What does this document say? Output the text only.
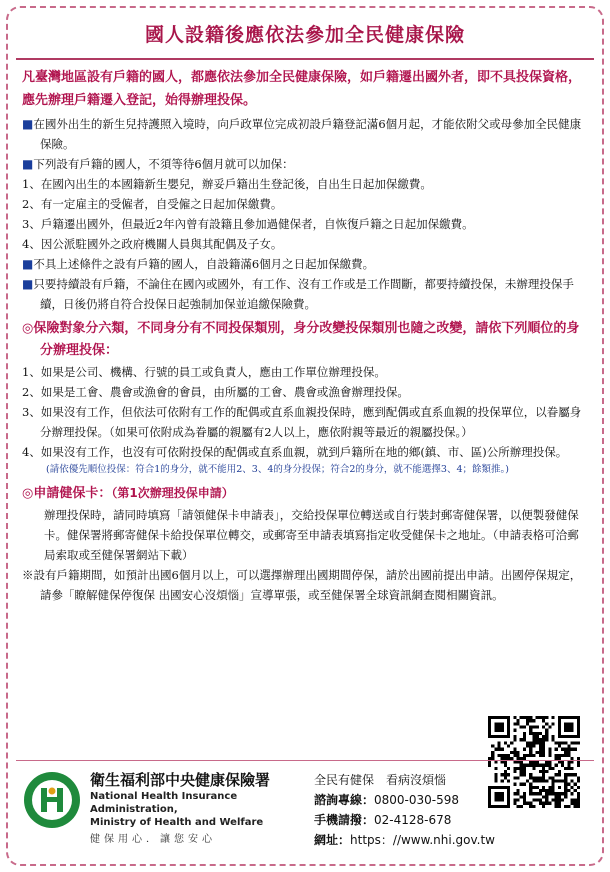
國人設籍後應依法參加全民健康保險

凡臺灣地區設有戶籍的國人，都應依法參加全民健康保險，如戶籍遷出國外者，即不具投保資格，應先辦理戶籍遷入登記，始得辦理投保。

■在國外出生的新生兒持護照入境時，向戶政單位完成初設戶籍登記滿6個月起，才能依附父或母參加全民健康保險。

■下列設有戶籍的國人，不須等待6個月就可以加保：

1、在國內出生的本國籍新生嬰兒，辦妥戶籍出生登記後，自出生日起加保繳費。

2、有一定雇主的受僱者，自受僱之日起加保繳費。

3、戶籍遷出國外，但最近2年內曾有設籍且參加過健保者，自恢復戶籍之日起加保繳費。

4、因公派駐國外之政府機關人員與其配偶及子女。

■不具上述條件之設有戶籍的國人，自設籍滿6個月之日起加保繳費。

■只要持續設有戶籍，不論住在國內或國外，有工作、沒有工作或是工作間斷，都要持續投保，未辦理投保手續，日後仍將自符合投保日起強制加保並追繳保險費。

◎保險對象分六類，不同身分有不同投保類別，身分改變投保類別也隨之改變，請依下列順位的身分辦理投保：

1、如果是公司、機構、行號的員工或負責人，應由工作單位辦理投保。

2、如果是工會、農會或漁會的會員，由所屬的工會、農會或漁會辦理投保。

3、如果沒有工作，但依法可依附有工作的配偶或直系血親投保時，應到配偶或直系血親的投保單位，以眷屬身分辦理投保。（如果可依附成為眷屬的親屬有2人以上，應依附親等最近的親屬投保。）

4、如果沒有工作，也沒有可依附投保的配偶或直系血親，就到戶籍所在地的鄉(鎮、市、區)公所辦理投保。

(請依優先順位投保：符合1的身分，就不能用2、3、4的身分投保；符合2的身分，就不能選擇3、4；餘類推。)
◎申請健保卡：（第1次辦理投保申請）

辦理投保時，請同時填寫「請領健保卡申請表」，交給投保單位轉送或自行裝封郵寄健保署，以便製發健保卡。健保署將郵寄健保卡給投保單位轉交，或郵寄至申請表填寫指定收受健保卡之地址。（申請表格可洽郵局索取或至健保署網站下載）

※設有戶籍期間，如預計出國6個月以上，可以選擇辦理出國期間停保，請於出國前提出申請。出國停保規定，請參「瞭解健保停復保 出國安心沒煩惱」宣導單張，或至健保署全球資訊網查閱相關資訊。

衛生福利部中央健康保險署
National Health Insurance Administration,
Ministry of Health and Welfare
健保用心．讓您安心
全民有健保　看病沒煩惱
諮詢專線：0800-030-598
手機請撥：02-4128-678
網址：https：//www.nhi.gov.tw
